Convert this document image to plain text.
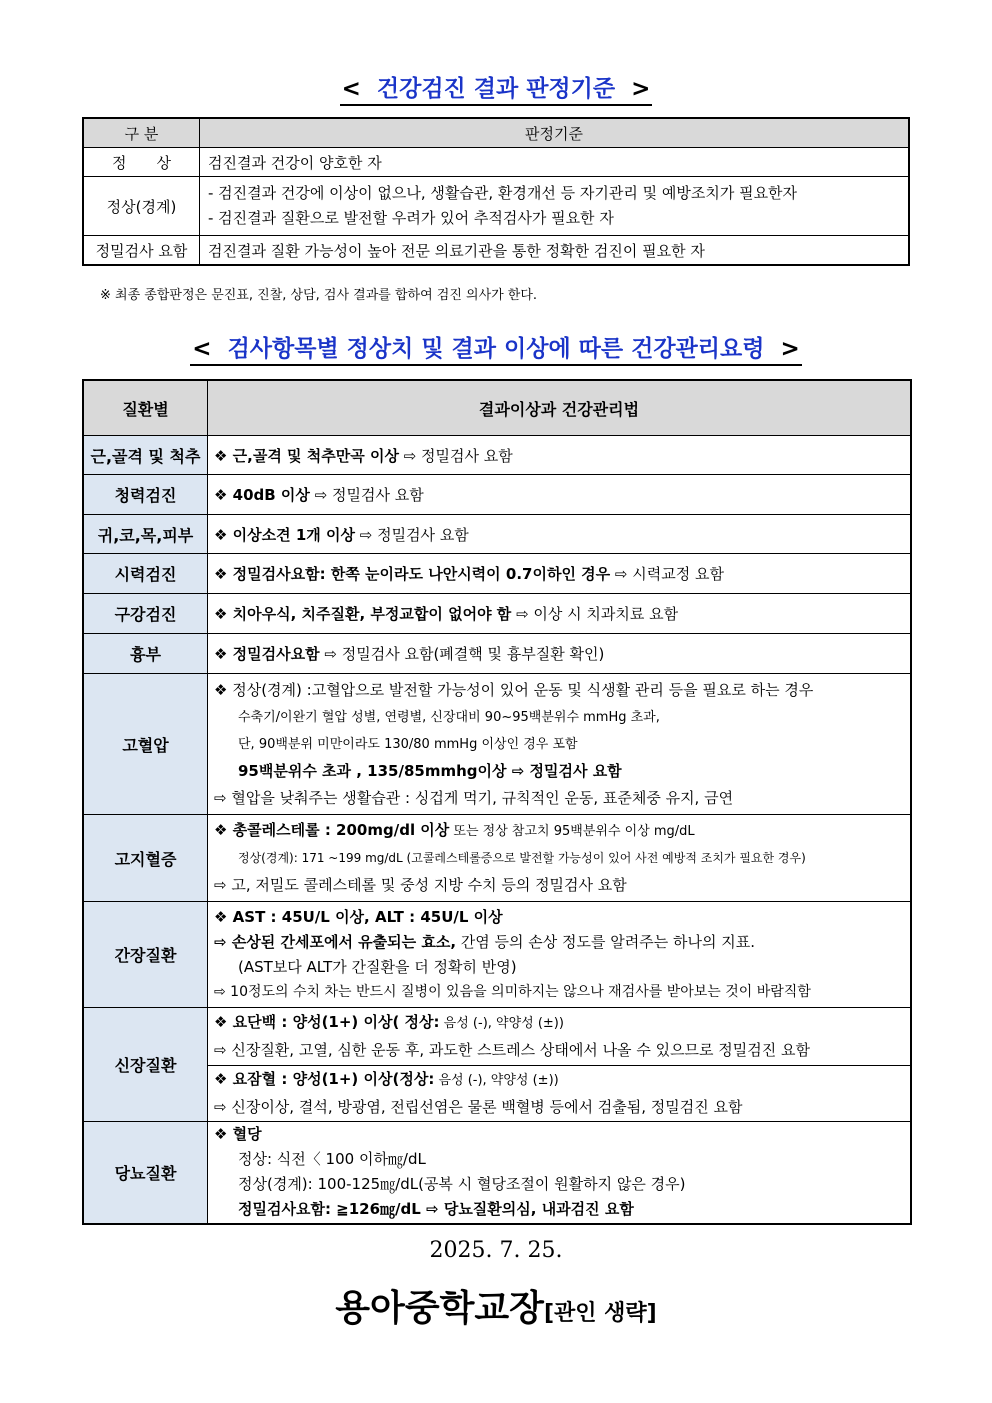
< 건강검진 결과 판정기준 >
구 분	판정기준
정　　상	검진결과 건강이 양호한 자
정상(경계)	- 검진결과 건강에 이상이 없으나, 생활습관, 환경개선 등 자기관리 및 예방조치가 필요한자
- 검진결과 질환으로 발전할 우려가 있어 추적검사가 필요한 자

정밀검사 요함	검진결과 질환 가능성이 높아 전문 의료기관을 통한 정확한 검진이 필요한 자
※ 최종 종합판정은 문진표, 진찰, 상담, 검사 결과를 합하여 검진 의사가 한다.
< 검사항목별 정상치 및 결과 이상에 따른 건강관리요령 >
질환별	결과이상과 건강관리법
근,골격 및 척추	❖ 근,골격 및 척추만곡 이상 ⇨ 정밀검사 요함
청력검진	❖ 40dB 이상 ⇨ 정밀검사 요함
귀,코,목,피부	❖ 이상소견 1개 이상 ⇨ 정밀검사 요함
시력검진	❖ 정밀검사요함: 한쪽 눈이라도 나안시력이 0.7이하인 경우 ⇨ 시력교정 요함
구강검진	❖ 치아우식, 치주질환, 부정교합이 없어야 함 ⇨ 이상 시 치과치료 요함
흉부	❖ 정밀검사요함 ⇨ 정밀검사 요함(폐결핵 및 흉부질환 확인)
고혈압	❖ 정상(경계) :고혈압으로 발전할 가능성이 있어 운동 및 식생활 관리 등을 필요로 하는 경우
수축기/이완기 혈압 성별, 연령별, 신장대비 90~95백분위수 mmHg 초과,
단, 90백분위 미만이라도 130/80 mmHg 이상인 경우 포함
95백분위수 초과 , 135/85mmhg이상 ⇨ 정밀검사 요함
⇨ 혈압을 낮춰주는 생활습관 : 싱겁게 먹기, 규칙적인 운동, 표준체중 유지, 금연

고지혈증	❖ 총콜레스테롤 : 200mg/dl 이상 또는 정상 참고치 95백분위수 이상 mg/dL
정상(경계): 171 ~199 mg/dL (고콜레스테롤증으로 발전할 가능성이 있어 사전 예방적 조치가 필요한 경우)
⇨ 고, 저밀도 콜레스테롤 및 중성 지방 수치 등의 정밀검사 요함

간장질환	❖ AST : 45U/L 이상, ALT : 45U/L 이상
⇨ 손상된 간세포에서 유출되는 효소, 간염 등의 손상 정도를 알려주는 하나의 지표.
(AST보다 ALT가 간질환을 더 정확히 반영)
⇨ 10정도의 수치 차는 반드시 질병이 있음을 의미하지는 않으나 재검사를 받아보는 것이 바람직함

신장질환	❖ 요단백 : 양성(1+) 이상( 정상: 음성 (-), 약양성 (±))
⇨ 신장질환, 고열, 심한 운동 후, 과도한 스트레스 상태에서 나올 수 있으므로 정밀검진 요함

	❖ 요잠혈 : 양성(1+) 이상(정상: 음성 (-), 약양성 (±))
⇨ 신장이상, 결석, 방광염, 전립선염은 물론 백혈병 등에서 검출됨, 정밀검진 요함

당뇨질환	❖ 혈당
정상: 식전〈 100 이하㎎/dL
정상(경계): 100-125㎎/dL(공복 시 혈당조절이 원활하지 않은 경우)
정밀검사요함: ≧126㎎/dL ⇨ 당뇨질환의심, 내과검진 요함
2025. 7. 25.
용아중학교장[관인 생략]
